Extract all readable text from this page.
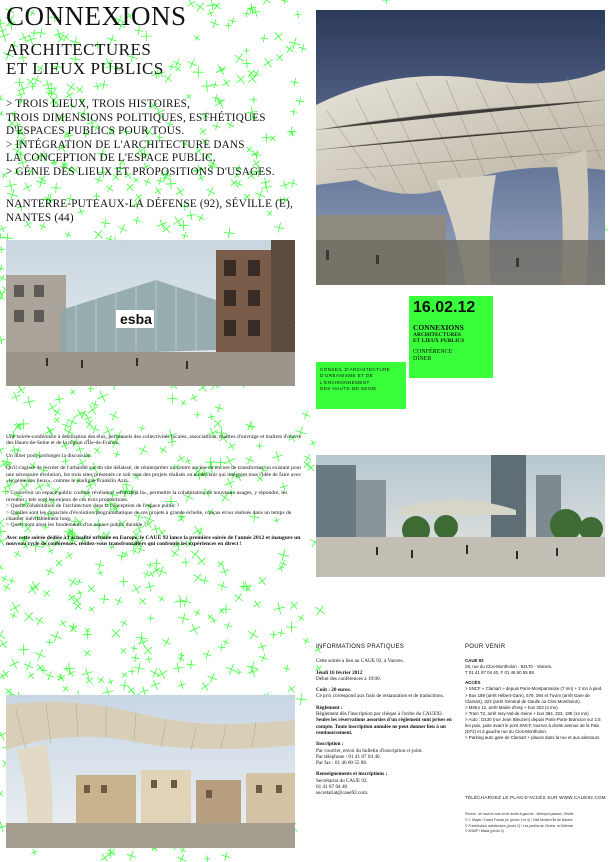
CONNEXIONS
ARCHITECTURES
ET LIEUX PUBLICS
> TROIS LIEUX, TROIS HISTOIRES,
TROIS DIMENSIONS POLITIQUES, ESTHÉTIQUES
D'ESPACES PUBLICS POUR TOUS.
> INTÉGRATION DE L'ARCHITECTURE DANS
LA CONCEPTION DE L'ESPACE PUBLIC.
> GÉNIE DES LIEUX ET PROPOSITIONS D'USAGES.
NANTERRE-PUTEAUX-LA DÉFENSE (92), SÉVILLE (E),
NANTES (44)
esba
16.02.12
CONNEXIONS
ARCHITECTURES
ET LIEUX PUBLICS
CONFÉRENCE
DÎNER
CONSEIL D'ARCHITECTURE
D'URBANISME ET DE
L'ENVIRONNEMENT
DES HAUTS-DE-SEINE

Une soirée-conférence à destination des élus, personnels des collectivités locales, associations, maîtres d'ouvrage et maîtres d'œuvre des Hauts-de-Seine et de la région d'Île-de-France.

Un dîner pour prolonger la discussion.

Qu'il s'agisse de recréer de l'urbanité sur un site délaissé, de réinterpréter un centre ancien ou encore de transformer un existant pour une nécessaire évolution, les trois sites présentés ce soir sont des projets réalisés ou en devenir qui intègrent tous l'idée de faire avec «le génie des lieux», comme le souligne Franklin Azzi.

> Concevoir un espace public comme révélateur «d'un déjà là», permettre la cohabitation de nouveaux usages, y répondre, les inventer ; tels sont les enjeux de ces trois propositions.
> Quelle cohabitation de l'architecture dans la conception de l'espace public ?
> Quelles sont les capacités d'évolution programmatique de ces projets à grande échelle, conçus et/ou réalisés dans un temps de chantier inévitablement long.
> Quels sont alors les fondements d'un espace public durable ?

Avec cette soirée dédiée à l'actualité urbaine en Europe, le CAUE 92 lance la première soirée de l'année 2012 et inaugure un nouveau cycle de conférences, rendez-vous transfrontaliers qui confronte les expériences en direct !

INFORMATIONS PRATIQUES

Cette soirée a lieu au CAUE 92, à Vanves.

Jeudi 16 février 2012
Début des conférences à 19:00.

Coût : 20 euros.
Ce prix correspond aux frais de restauration et de traductions.

Règlement :
Règlement dès l'inscription par chèque à l'ordre du CAUE92.
Seules les réservations assorties d'un règlement sont prises en compte. Toute inscription annulée ne peut donner lieu à un remboursement.

Inscription :
Par courrier, envoi du bulletin d'inscription ci-joint.
Par téléphone : 01 41 87 04 40.
Par fax : 01 46 60 55 88.

Renseignements et inscriptions :
Secrétariat du CAUE 92.
01 41 87 04 40
secretariat@caue92.com.

POUR VENIR

CAUE 92
28, rue du Clos-Montholon - 92170 - Vanves.
T 01 41 87 04 40, F 01 46 60 55 88.

ACCÈS
> SNCF « Clamart » depuis Paris-Montparnasse (7 mn) + 2 mn à pied.
> Bus 189 (arrêt Hébert-Gare), 579, 394 et Tuvim (arrêt Gare de Clamart), 323 (arrêt Général de Gaulle ou Clos-Montholon).
> Métro 12, arrêt Mairie d'Issy + bus 323 (4 mn).
> Tram T2, arrêt Issy-Val-de-Seine + bus 394, 323, 189 (14 mn).
> Auto : D130 (rue Jean Bleuzen) depuis Paris-Porte Brancion sur 2,5 km puis, juste avant le pont SNCF, tourner à droite avenue de la Paix (D72) et à gauche rue du Clos-Montholon.
> Parking auto gare de Clamart + places dans la rue et aux alentours.

TÉLÉCHARGEZ LE PLAN D'ACCÈS SUR WWW.CAUE92.COM
Photos : de haut en bas et de droite à gauche : Metropol parasol, Séville
© J. Mayer / David Franck ph (photo 1 et 4) / Villa Modern Île de Nantes
© FranklinAzzi architecture (photo 2) / Les jardins de l'Arche, la Défense
© ANMP / Mada (photo 3)
